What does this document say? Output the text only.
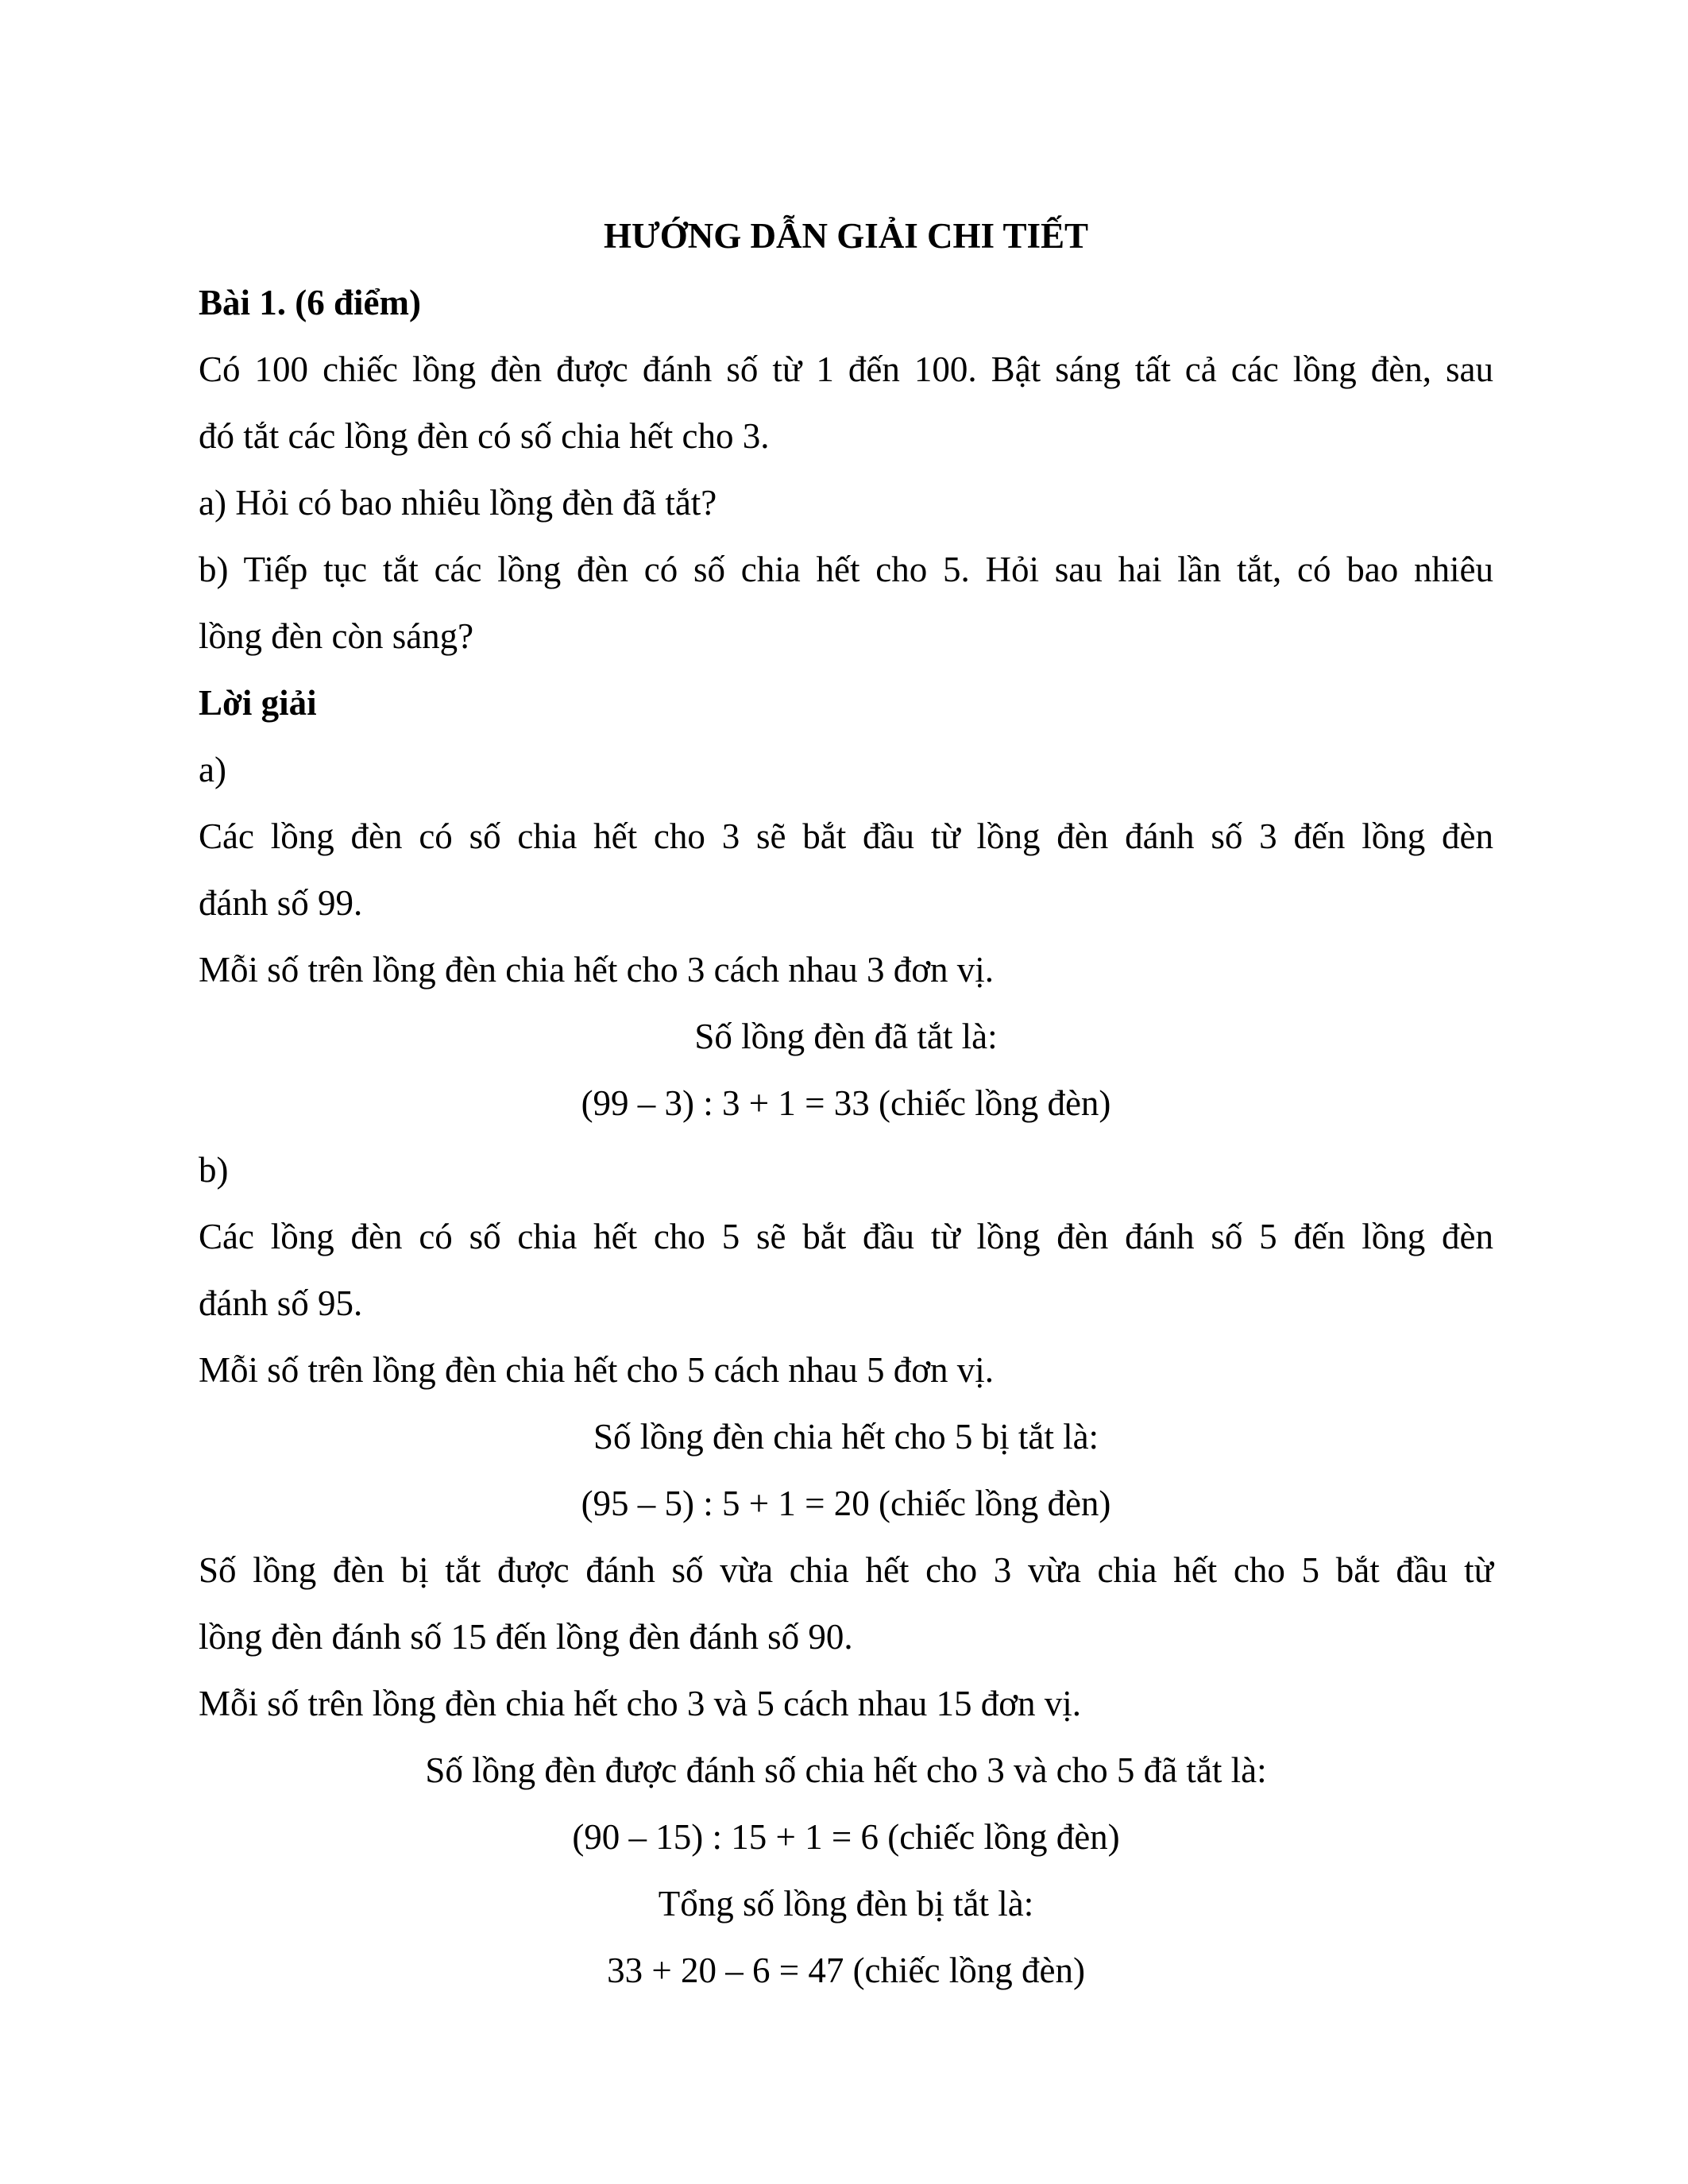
HƯỚNG DẪN GIẢI CHI TIẾT
Bài 1. (6 điểm)
Có 100 chiếc lồng đèn được đánh số từ 1 đến 100. Bật sáng tất cả các lồng đèn, sau
đó tắt các lồng đèn có số chia hết cho 3.
a) Hỏi có bao nhiêu lồng đèn đã tắt?
b) Tiếp tục tắt các lồng đèn có số chia hết cho 5. Hỏi sau hai lần tắt, có bao nhiêu
lồng đèn còn sáng?
Lời giải
a)
Các lồng đèn có số chia hết cho 3 sẽ bắt đầu từ lồng đèn đánh số 3 đến lồng đèn
đánh số 99.
Mỗi số trên lồng đèn chia hết cho 3 cách nhau 3 đơn vị.
Số lồng đèn đã tắt là:
(99 – 3) : 3 + 1 = 33 (chiếc lồng đèn)
b)
Các lồng đèn có số chia hết cho 5 sẽ bắt đầu từ lồng đèn đánh số 5 đến lồng đèn
đánh số 95.
Mỗi số trên lồng đèn chia hết cho 5 cách nhau 5 đơn vị.
Số lồng đèn chia hết cho 5 bị tắt là:
(95 – 5) : 5 + 1 = 20 (chiếc lồng đèn)
Số lồng đèn bị tắt được đánh số vừa chia hết cho 3 vừa chia hết cho 5 bắt đầu từ
lồng đèn đánh số 15 đến lồng đèn đánh số 90.
Mỗi số trên lồng đèn chia hết cho 3 và 5 cách nhau 15 đơn vị.
Số lồng đèn được đánh số chia hết cho 3 và cho 5 đã tắt là:
(90 – 15) : 15 + 1 = 6 (chiếc lồng đèn)
Tổng số lồng đèn bị tắt là:
33 + 20 – 6 = 47 (chiếc lồng đèn)
